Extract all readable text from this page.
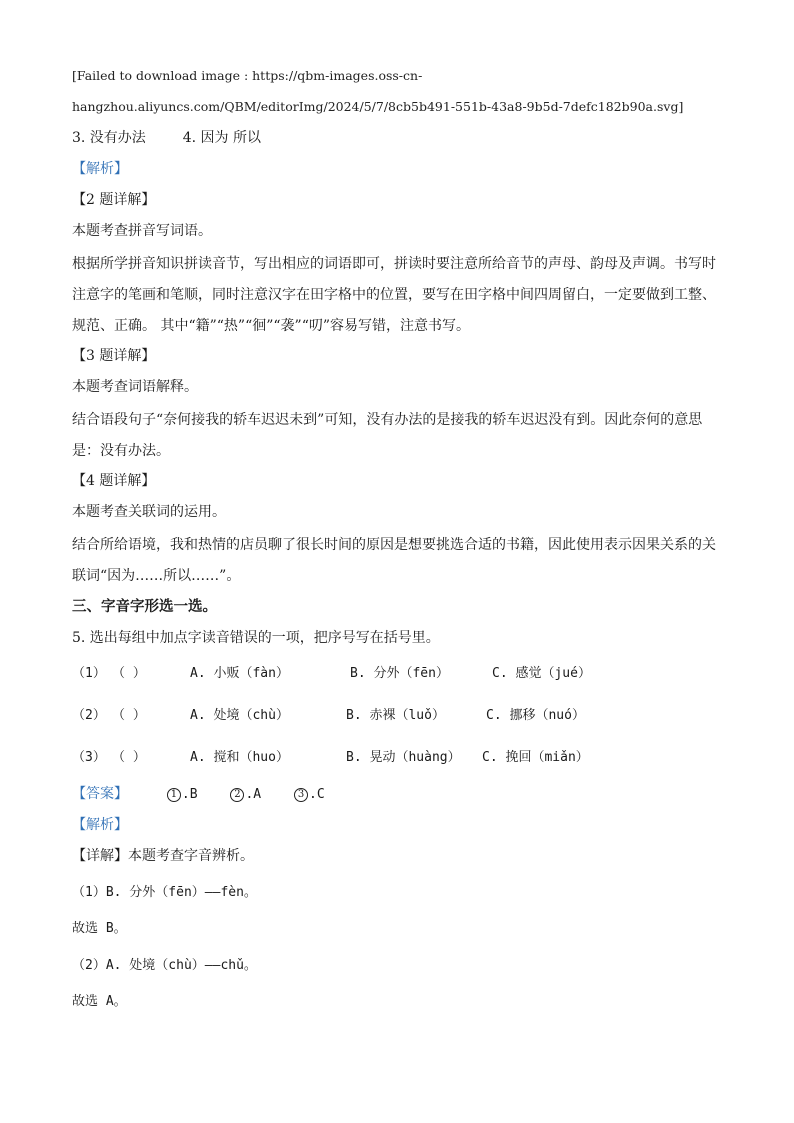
[Failed to download image : https://qbm-images.oss-cn-
hangzhou.aliyuncs.com/QBM/editorImg/2024/5/7/8cb5b491-551b-43a8-9b5d-7defc182b90a.svg]
3. 没有办法	4. 因为 所以
【解析】
【2 题详解】
本题考查拼音写词语。
根据所学拼音知识拼读音节，写出相应的词语即可，拼读时要注意所给音节的声母、韵母及声调。书写时
注意字的笔画和笔顺，同时注意汉字在田字格中的位置，要写在田字格中间四周留白，一定要做到工整、
规范、正确。 其中“籍”“热”“徊”“袭”“叨”容易写错，注意书写。
【3 题详解】
本题考查词语解释。
结合语段句子“奈何接我的轿车迟迟未到”可知，没有办法的是接我的轿车迟迟没有到。因此奈何的意思
是：没有办法。
【4 题详解】
本题考查关联词的运用。
结合所给语境，我和热情的店员聊了很长时间的原因是想要挑选合适的书籍，因此使用表示因果关系的关
联词“因为……所以……”。
三、字音字形选一选。
5. 选出每组中加点字读音错误的一项，把序号写在括号里。
（1） （ ）	A. 小贩（fàn）	B. 分外（fēn）	C. 感觉（jué）
（2） （ ）	A. 处境（chù）	B. 赤裸（luǒ）	C. 挪移（nuó）
（3） （ ）	A. 搅和（huo）	B. 晃动（huàng） C. 挽回（miǎn）
【答案】	1 .B	2 .A	3 .C
【解析】
【详解】本题考查字音辨析。
（1）B. 分外（fēn）——fèn。
故选 B。
（2）A. 处境（chù）——chǔ。
故选 A。
